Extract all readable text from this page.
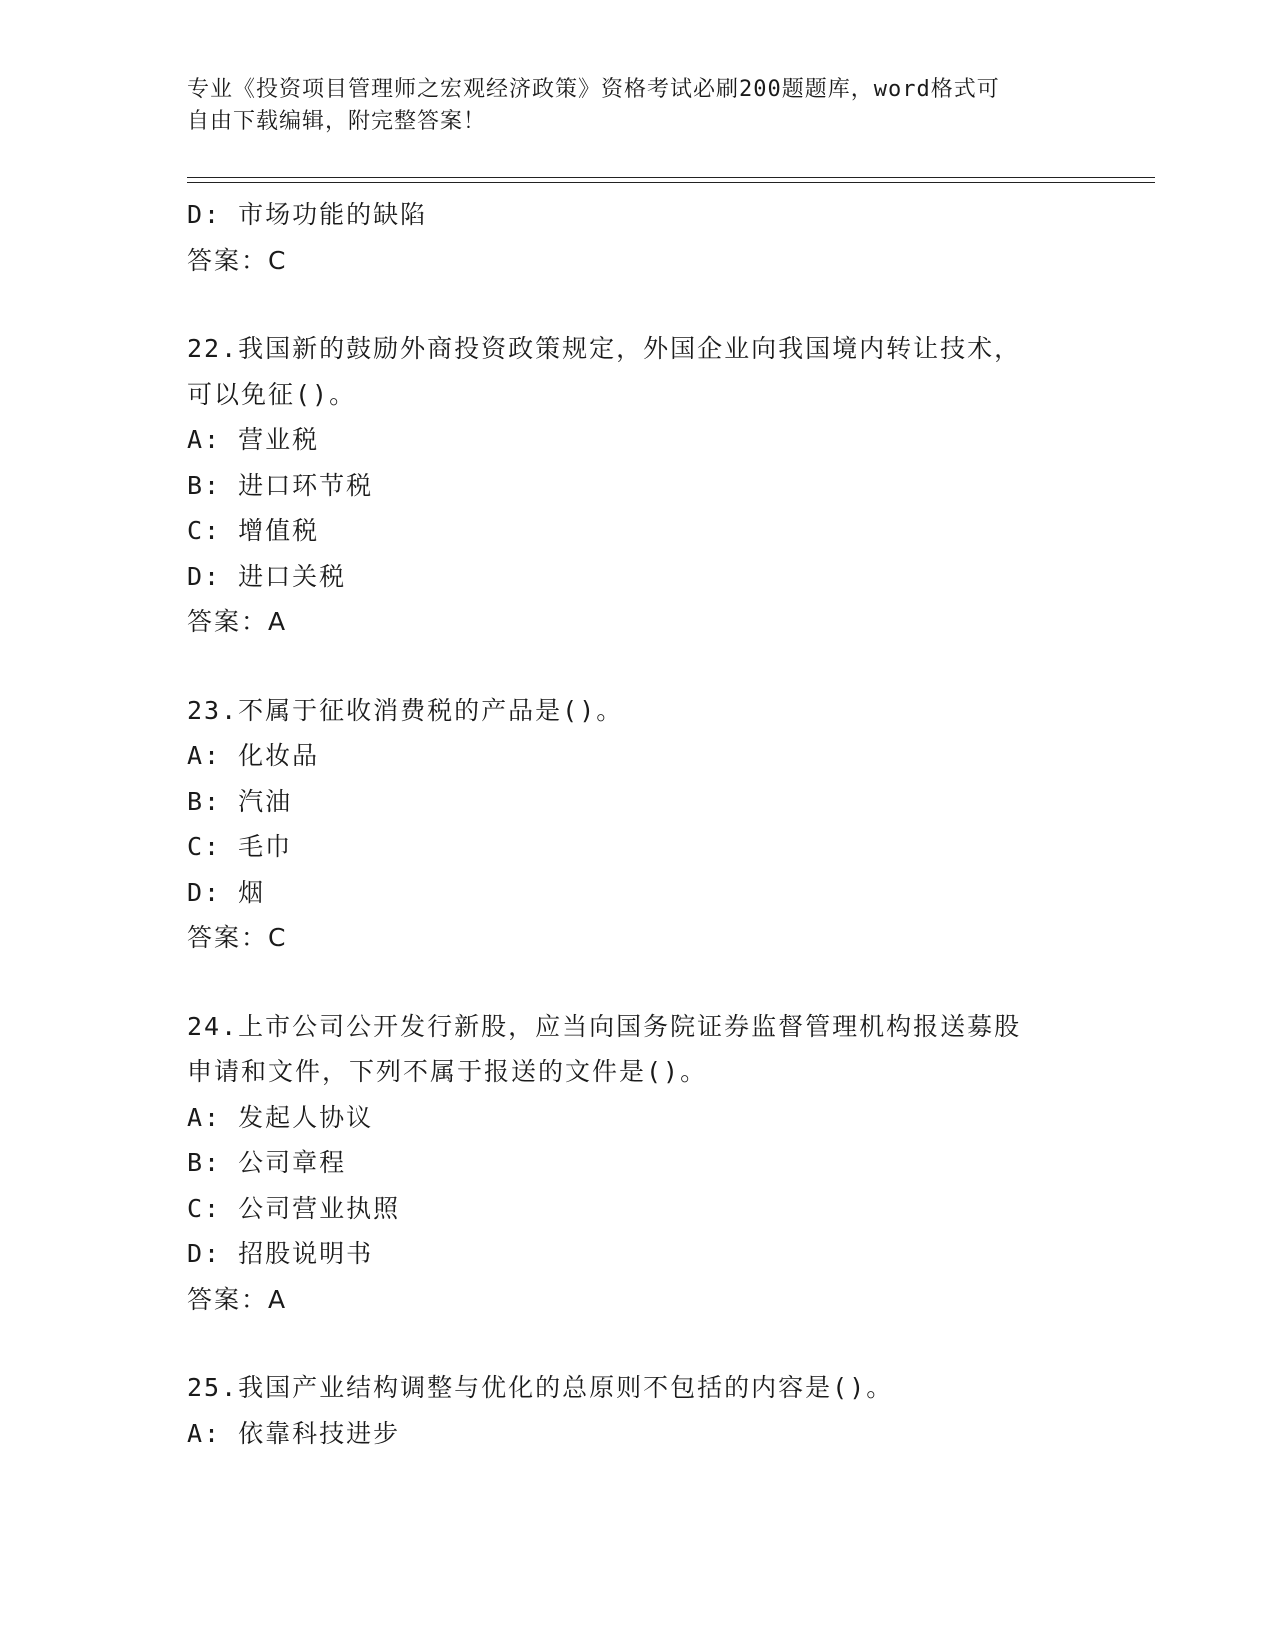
专业《投资项目管理师之宏观经济政策》资格考试必刷200题题库，word格式可
自由下载编辑，附完整答案！
D: 市场功能的缺陷
答案：C
22.我国新的鼓励外商投资政策规定，外国企业向我国境内转让技术，
可以免征()。
A: 营业税
B: 进口环节税
C: 增值税
D: 进口关税
答案：A
23.不属于征收消费税的产品是()。
A: 化妆品
B: 汽油
C: 毛巾
D: 烟
答案：C
24.上市公司公开发行新股，应当向国务院证券监督管理机构报送募股
申请和文件，下列不属于报送的文件是()。
A: 发起人协议
B: 公司章程
C: 公司营业执照
D: 招股说明书
答案：A
25.我国产业结构调整与优化的总原则不包括的内容是()。
A: 依靠科技进步
